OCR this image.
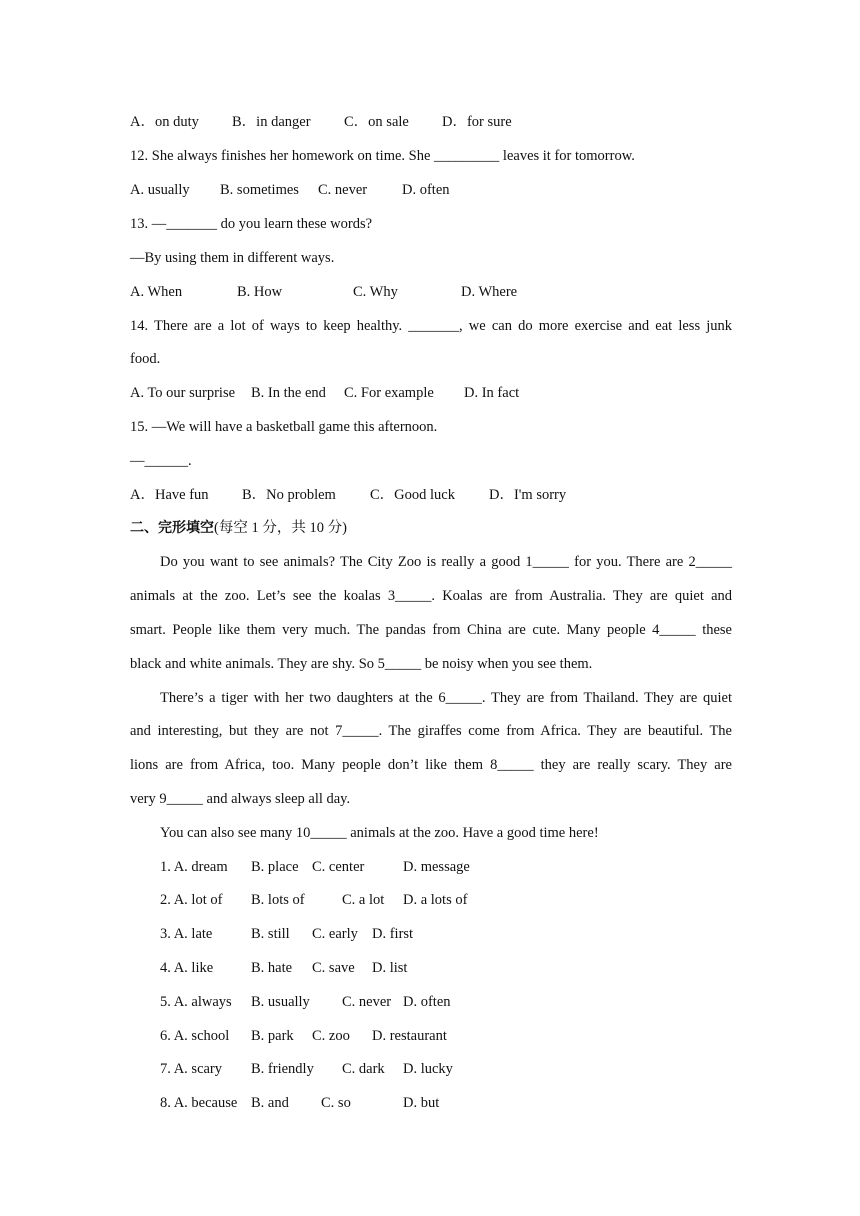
A．on duty B．in danger C．on sale D．for sure
12. She always finishes her homework on time. She _________ leaves it for tomorrow.
A. usually B. sometimes C. never D. often
13. —_______ do you learn these words?
—By using them in different ways.
A. When	B. How	C. Why	D. Where
14. There are a lot of ways to keep healthy. _______, we can do more exercise and eat less junk
food.
A. To our surprise B. In the end C. For example D. In fact
15. —We will have a basketball game this afternoon.
—______.
A．Have fun B．No problem C．Good luck D．I'm sorry
二、完形填空(每空 1 分，共 10 分)
Do you want to see animals? The City Zoo is really a good 1_____ for you. There are 2_____
animals at the zoo. Let’s see the koalas 3_____. Koalas are from Australia. They are quiet and
smart. People like them very much. The pandas from China are cute. Many people 4_____ these
black and white animals. They are shy. So 5_____ be noisy when you see them.
There’s a tiger with her two daughters at the 6_____. They are from Thailand. They are quiet
and interesting, but they are not 7_____. The giraffes come from Africa. They are beautiful. The
lions are from Africa, too. Many people don’t like them 8_____ they are really scary. They are
very 9_____ and always sleep all day.
You can also see many 10_____ animals at the zoo. Have a good time here!
1. A. dream B. place C. center	D. message
2. A. lot of B. lots of	C. a lot D. a lots of
3. A. late	B. still C. early D. first
4. A. like	B. hate C. save D. list
5. A. always B. usually C. never D. often
6. A. school B. park C. zoo D. restaurant
7. A. scary B. friendly C. dark D. lucky
8. A. because B. and C. so	D. but
